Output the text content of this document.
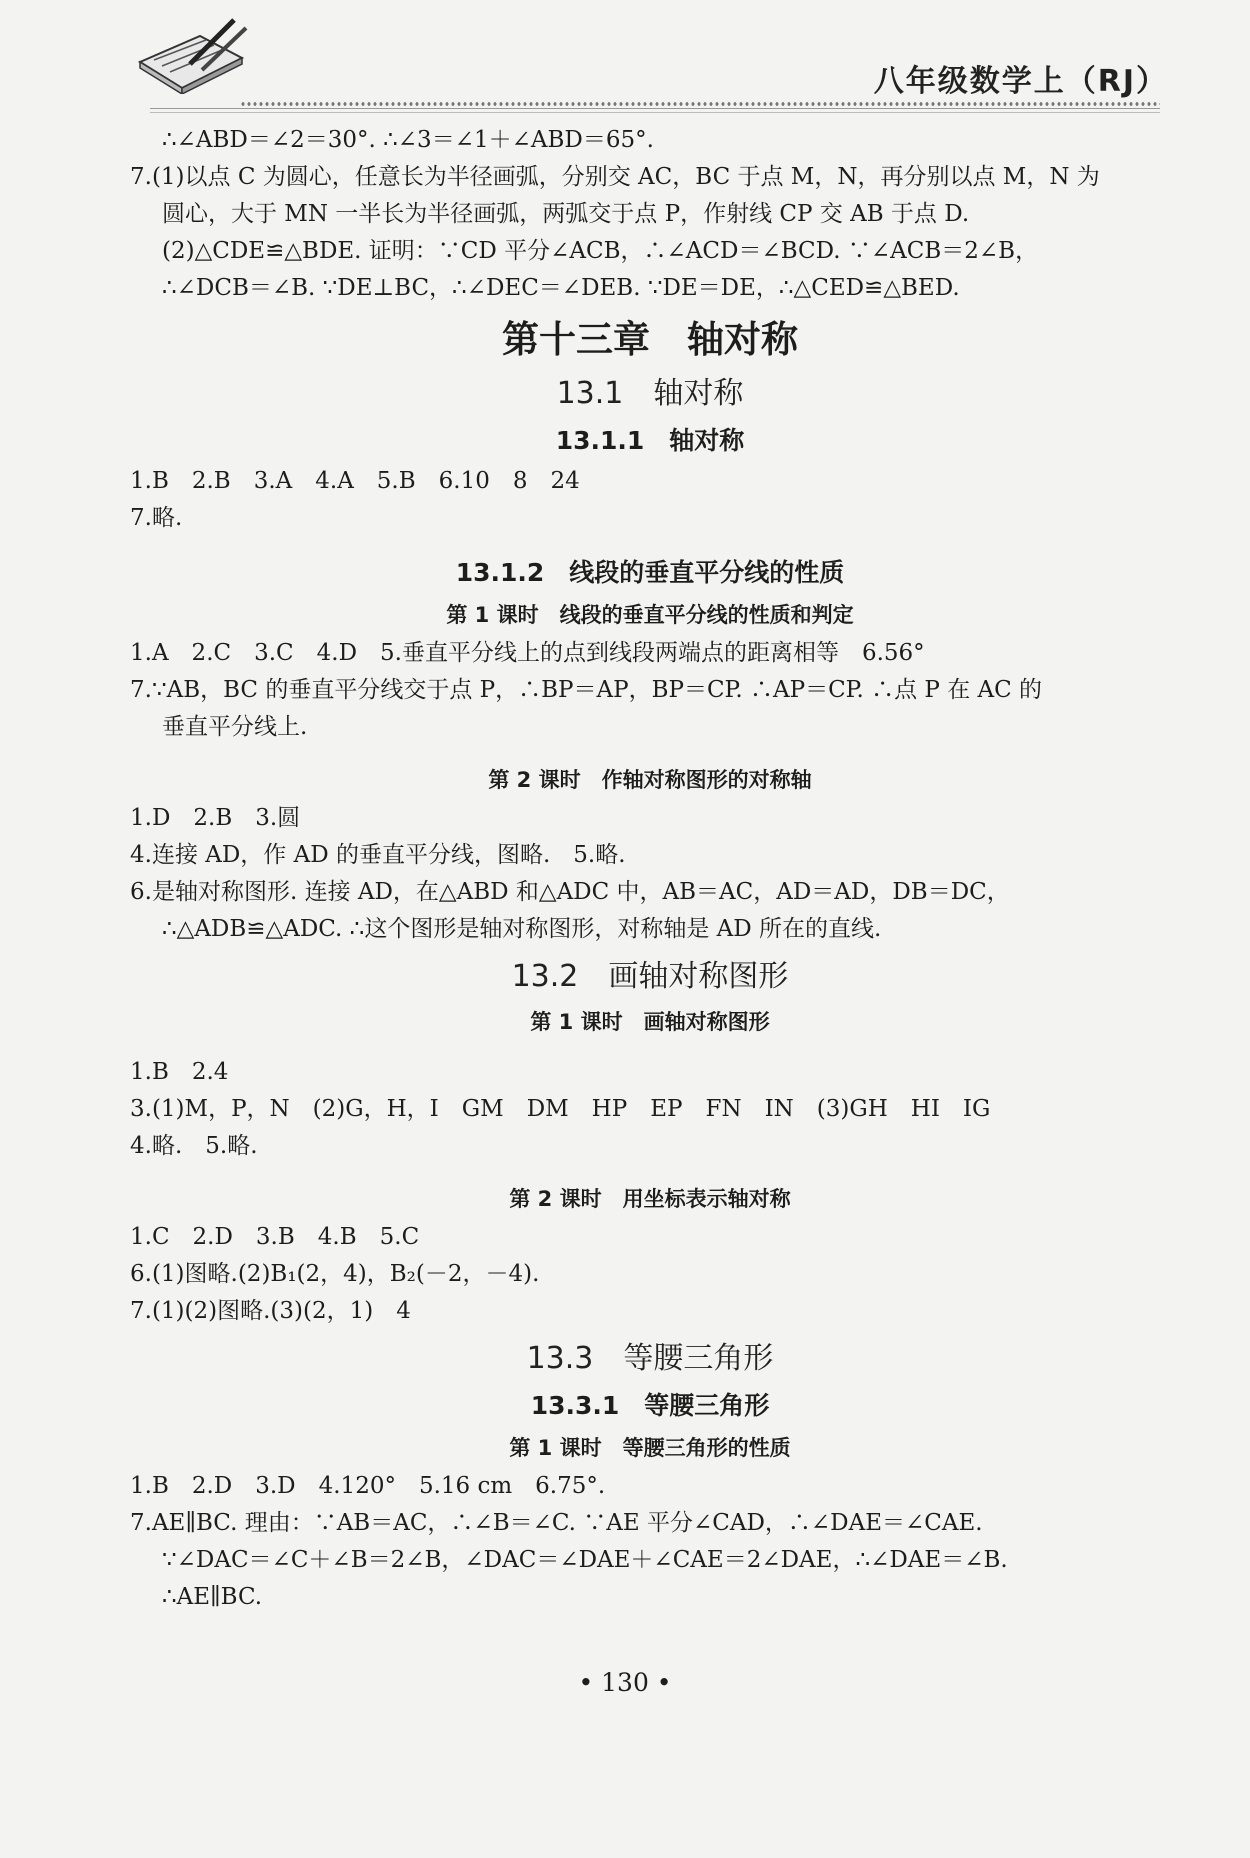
八年级数学上（RJ）
∴∠ABD＝∠2＝30°. ∴∠3＝∠1＋∠ABD＝65°.
7.(1)以点 C 为圆心，任意长为半径画弧，分别交 AC，BC 于点 M，N，再分别以点 M，N 为
圆心，大于 MN 一半长为半径画弧，两弧交于点 P，作射线 CP 交 AB 于点 D.
(2)△CDE≌△BDE. 证明：∵CD 平分∠ACB，∴∠ACD＝∠BCD. ∵∠ACB＝2∠B，
∴∠DCB＝∠B. ∵DE⊥BC，∴∠DEC＝∠DEB. ∵DE＝DE，∴△CED≌△BED.
第十三章　轴对称
13.1　轴对称
13.1.1　轴对称
1.B　2.B　3.A　4.A　5.B　6.10　8　24
7.略.
13.1.2　线段的垂直平分线的性质
第 1 课时　线段的垂直平分线的性质和判定
1.A　2.C　3.C　4.D　5.垂直平分线上的点到线段两端点的距离相等　6.56°
7.∵AB，BC 的垂直平分线交于点 P，∴BP＝AP，BP＝CP. ∴AP＝CP. ∴点 P 在 AC 的
垂直平分线上.
第 2 课时　作轴对称图形的对称轴
1.D　2.B　3.圆
4.连接 AD，作 AD 的垂直平分线，图略.　5.略.
6.是轴对称图形. 连接 AD，在△ABD 和△ADC 中，AB＝AC，AD＝AD，DB＝DC，
∴△ADB≌△ADC. ∴这个图形是轴对称图形，对称轴是 AD 所在的直线.
13.2　画轴对称图形
第 1 课时　画轴对称图形
1.B　2.4
3.(1)M，P，N　(2)G，H，I　GM　DM　HP　EP　FN　IN　(3)GH　HI　IG
4.略.　5.略.
第 2 课时　用坐标表示轴对称
1.C　2.D　3.B　4.B　5.C
6.(1)图略.(2)B₁(2，4)，B₂(－2，－4).
7.(1)(2)图略.(3)(2，1)　4
13.3　等腰三角形
13.3.1　等腰三角形
第 1 课时　等腰三角形的性质
1.B　2.D　3.D　4.120°　5.16 cm　6.75°.
7.AE∥BC. 理由：∵AB＝AC，∴∠B＝∠C. ∵AE 平分∠CAD，∴∠DAE＝∠CAE.
∵∠DAC＝∠C＋∠B＝2∠B，∠DAC＝∠DAE＋∠CAE＝2∠DAE，∴∠DAE＝∠B.
∴AE∥BC.
• 130 •
